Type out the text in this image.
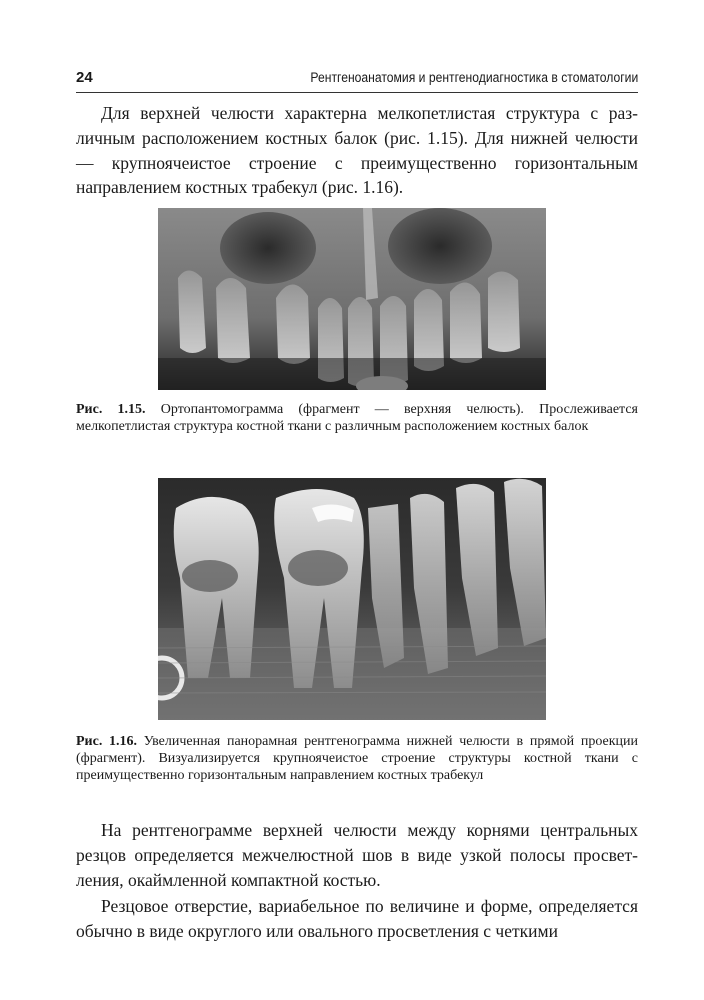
24	Рентгеноанатомия и рентгенодиагностика в стоматологии

Для верхней челюсти характерна мелкопетлистая структура с различным расположением костных балок (рис. 1.15). Для нижней челюсти — крупноячеистое строение с преимущественно горизонтальным направлением костных трабекул (рис. 1.16).

Рис. 1.15. Ортопантомограмма (фрагмент — верхняя челюсть). Прослеживается мелкопетлистая структура костной ткани с различным расположением костных балок

Рис. 1.16. Увеличенная панорамная рентгенограмма нижней челюсти в прямой проекции (фрагмент). Визуализируется крупноячеистое строение структуры костной ткани с преимущественно горизонтальным направлением костных трабекул

На рентгенограмме верхней челюсти между корнями центральных резцов определяется межчелюстной шов в виде узкой полосы просветления, окаймленной компактной костью.

Резцовое отверстие, вариабельное по величине и форме, определяется обычно в виде округлого или овального просветления с четкими
